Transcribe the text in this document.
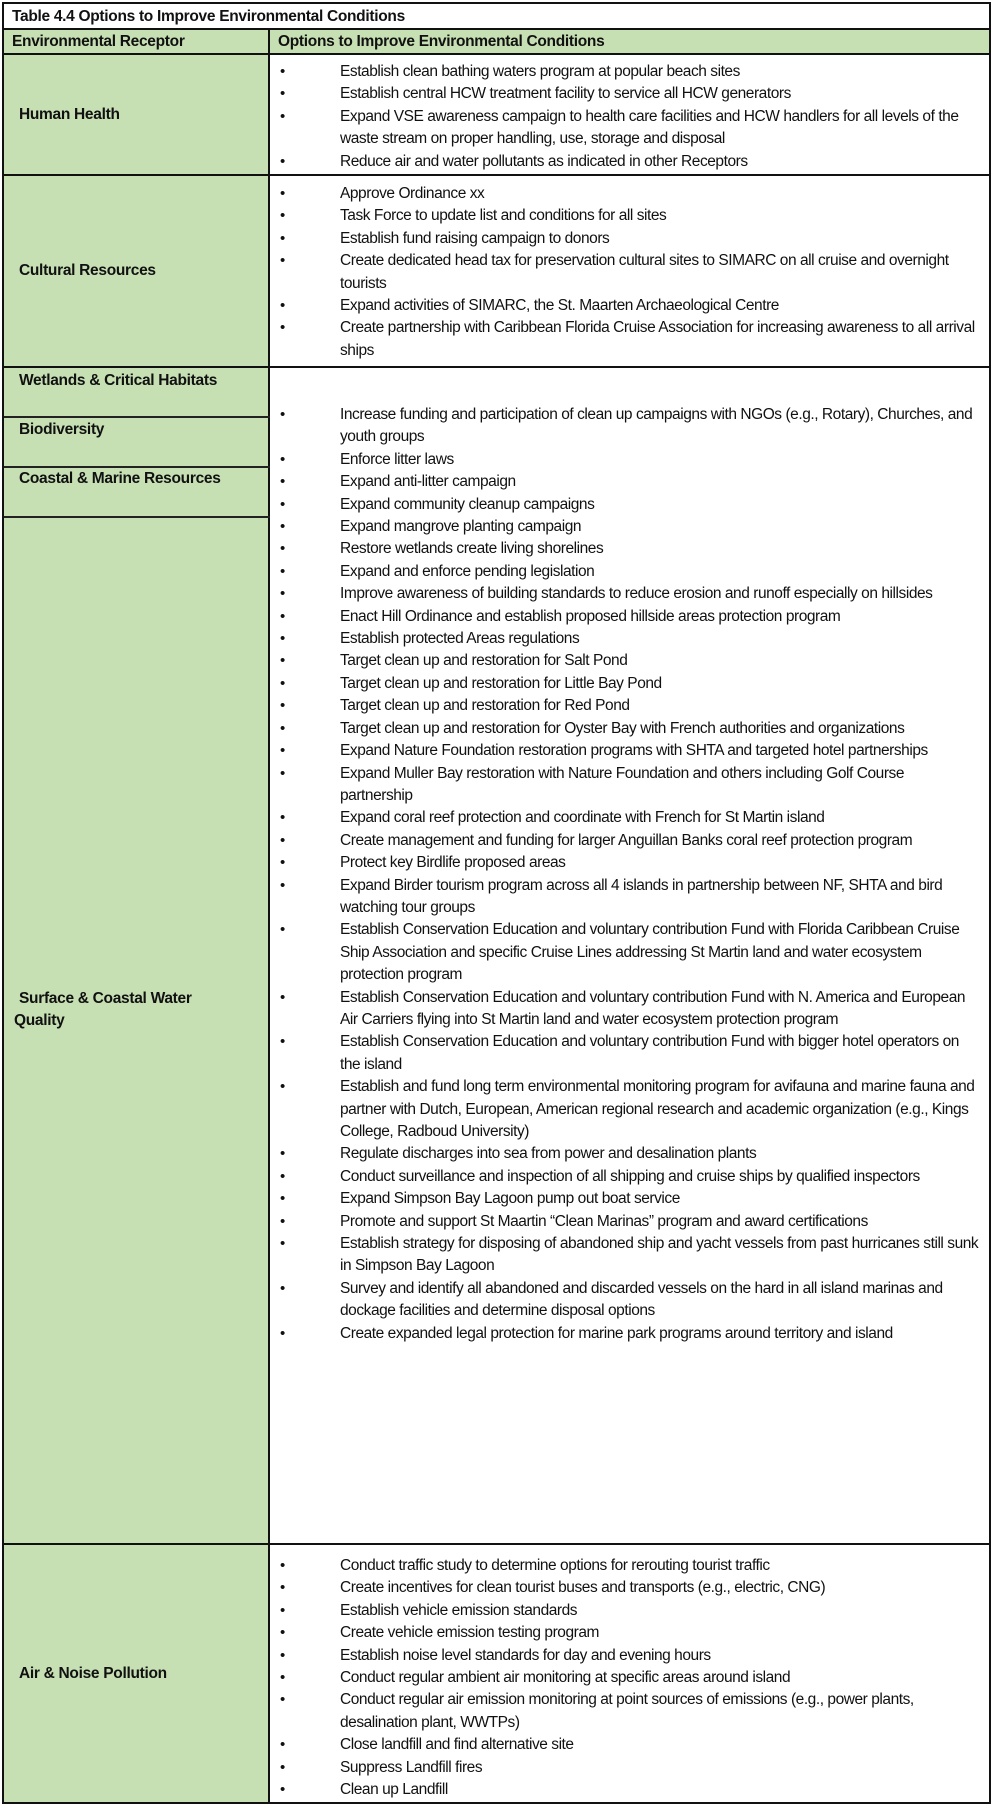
Table 4.4 Options to Improve Environmental Conditions
Environmental Receptor	Options to Improve Environmental Conditions
Human Health
• Establish clean bathing waters program at popular beach sites
• Establish central HCW treatment facility to service all HCW generators
• Expand VSE awareness campaign to health care facilities and HCW handlers for all levels of the waste stream on proper handling, use, storage and disposal
• Reduce air and water pollutants as indicated in other Receptors
Cultural Resources
• Approve Ordinance xx
• Task Force to update list and conditions for all sites
• Establish fund raising campaign to donors
• Create dedicated head tax for preservation cultural sites to SIMARC on all cruise and overnight tourists
• Expand activities of SIMARC, the St. Maarten Archaeological Centre
• Create partnership with Caribbean Florida Cruise Association for increasing awareness to all arrival ships
Wetlands & Critical Habitats
Biodiversity
Coastal & Marine Resources
Surface & Coastal Water Quality
• Increase funding and participation of clean up campaigns with NGOs (e.g., Rotary), Churches, and youth groups
• Enforce litter laws
• Expand anti-litter campaign
• Expand community cleanup campaigns
• Expand mangrove planting campaign
• Restore wetlands create living shorelines
• Expand and enforce pending legislation
• Improve awareness of building standards to reduce erosion and runoff especially on hillsides
• Enact Hill Ordinance and establish proposed hillside areas protection program
• Establish protected Areas regulations
• Target clean up and restoration for Salt Pond
• Target clean up and restoration for Little Bay Pond
• Target clean up and restoration for Red Pond
• Target clean up and restoration for Oyster Bay with French authorities and organizations
• Expand Nature Foundation restoration programs with SHTA and targeted hotel partnerships
• Expand Muller Bay restoration with Nature Foundation and others including Golf Course partnership
• Expand coral reef protection and coordinate with French for St Martin island
• Create management and funding for larger Anguillan Banks coral reef protection program
• Protect key Birdlife proposed areas
• Expand Birder tourism program across all 4 islands in partnership between NF, SHTA and bird watching tour groups
• Establish Conservation Education and voluntary contribution Fund with Florida Caribbean Cruise Ship Association and specific Cruise Lines addressing St Martin land and water ecosystem protection program
• Establish Conservation Education and voluntary contribution Fund with N. America and European Air Carriers flying into St Martin land and water ecosystem protection program
• Establish Conservation Education and voluntary contribution Fund with bigger hotel operators on the island
• Establish and fund long term environmental monitoring program for avifauna and marine fauna and partner with Dutch, European, American regional research and academic organization (e.g., Kings College, Radboud University)
• Regulate discharges into sea from power and desalination plants
• Conduct surveillance and inspection of all shipping and cruise ships by qualified inspectors
• Expand Simpson Bay Lagoon pump out boat service
• Promote and support St Maartin “Clean Marinas” program and award certifications
• Establish strategy for disposing of abandoned ship and yacht vessels from past hurricanes still sunk in Simpson Bay Lagoon
• Survey and identify all abandoned and discarded vessels on the hard in all island marinas and dockage facilities and determine disposal options
• Create expanded legal protection for marine park programs around territory and island
Air & Noise Pollution
• Conduct traffic study to determine options for rerouting tourist traffic
• Create incentives for clean tourist buses and transports (e.g., electric, CNG)
• Establish vehicle emission standards
• Create vehicle emission testing program
• Establish noise level standards for day and evening hours
• Conduct regular ambient air monitoring at specific areas around island
• Conduct regular air emission monitoring at point sources of emissions (e.g., power plants, desalination plant, WWTPs)
• Close landfill and find alternative site
• Suppress Landfill fires
• Clean up Landfill
